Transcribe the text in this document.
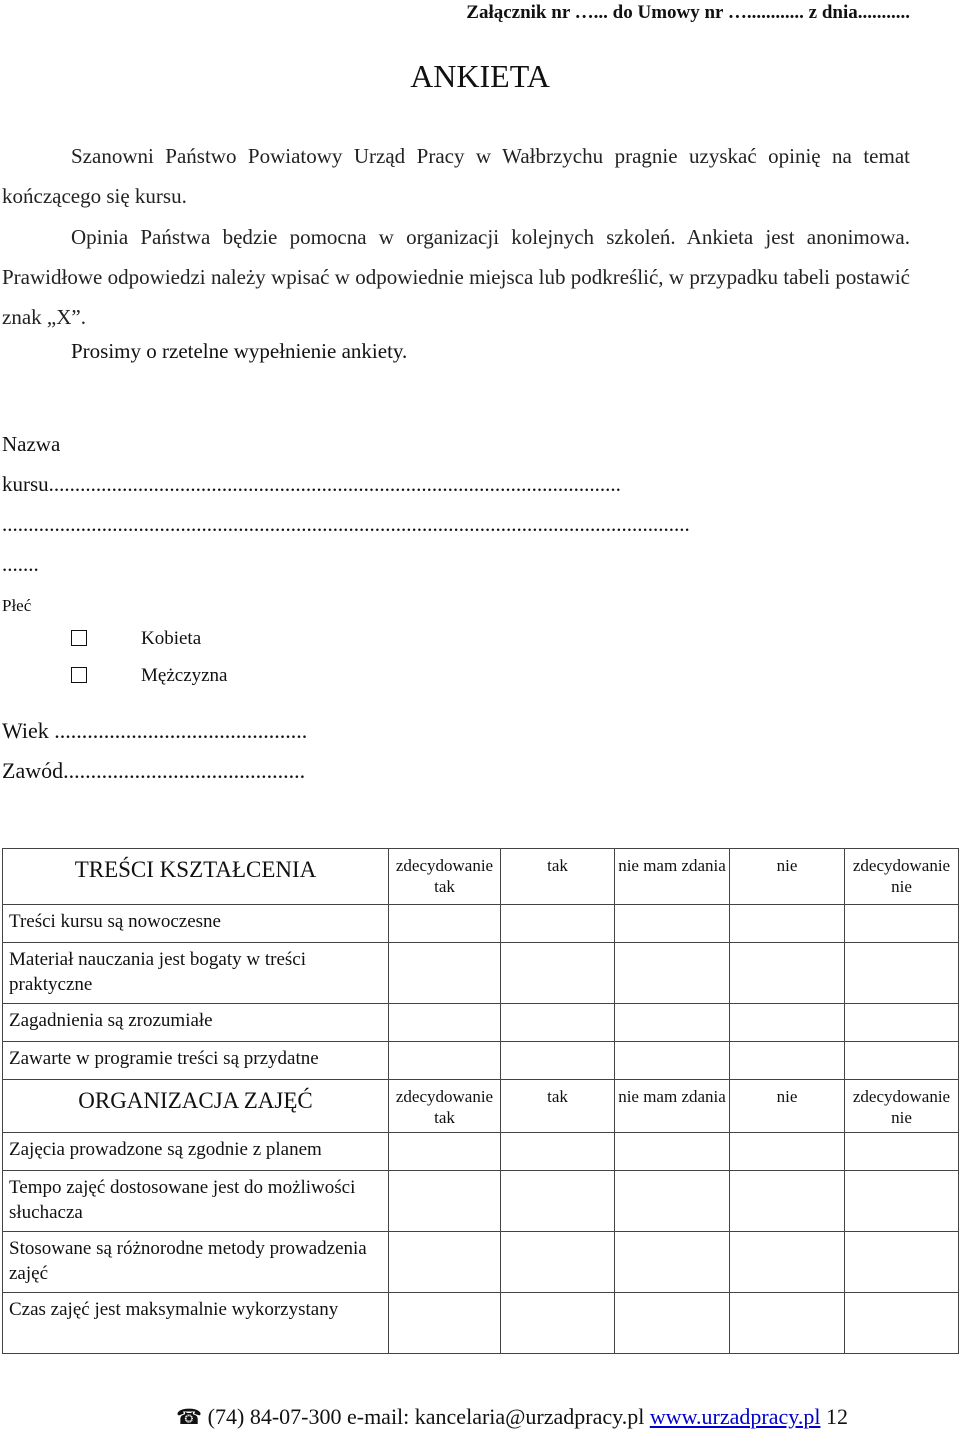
Załącznik nr …... do Umowy nr …............ z dnia...........
ANKIETA

Szanowni Państwo Powiatowy Urząd Pracy w Wałbrzychu pragnie uzyskać opinię na temat kończącego się kursu.

Opinia Państwa będzie pomocna w organizacji kolejnych szkoleń. Ankieta jest anonimowa. Prawidłowe odpowiedzi należy wpisać w odpowiednie miejsca lub podkreślić, w przypadku tabeli postawić znak „X”.

Prosimy o rzetelne wypełnienie ankiety.
Nazwa
kursu.............................................................................................................
...................................................................................................................................
.......
Płeć
Kobieta
Mężczyzna
Wiek ..............................................
Zawód............................................
TREŚCI KSZTAŁCENIA	zdecydowanie tak	tak	nie mam zdania	nie	zdecydowanie nie
Treści kursu są nowoczesne					
Materiał nauczania jest bogaty w treści praktyczne					
Zagadnienia są zrozumiałe					
Zawarte w programie treści są przydatne					
ORGANIZACJA ZAJĘĆ	zdecydowanie tak	tak	nie mam zdania	nie	zdecydowanie nie
Zajęcia prowadzone są zgodnie z planem					
Tempo zajęć dostosowane jest do możliwości słuchacza					
Stosowane są różnorodne metody prowadzenia zajęć					
Czas zajęć jest maksymalnie wykorzystany					
☎ (74) 84-07-300 e-mail: kancelaria@urzadpracy.pl www.urzadpracy.pl 12
